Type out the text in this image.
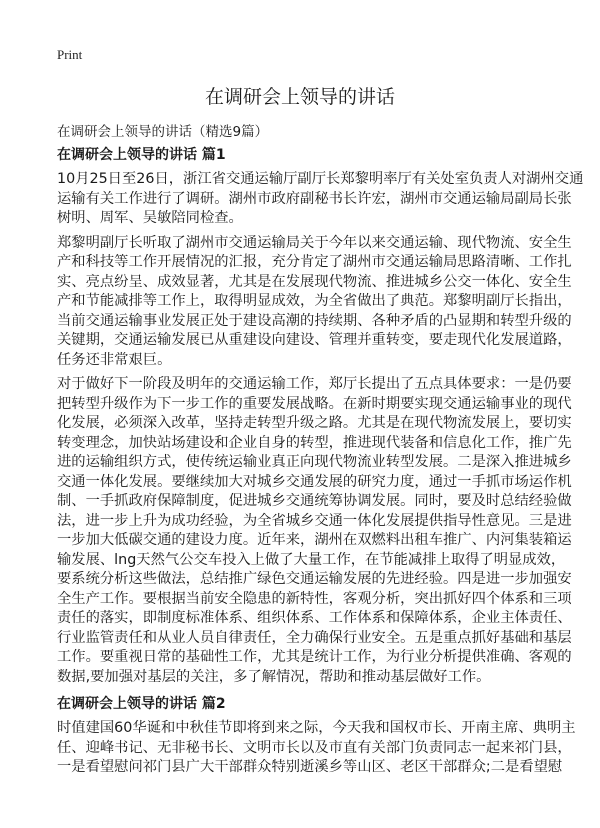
Print
在调研会上领导的讲话
在调研会上领导的讲话（精选9篇）
在调研会上领导的讲话 篇1
10月25日至26日，浙江省交通运输厅副厅长郑黎明率厅有关处室负责人对湖州交通
运输有关工作进行了调研。湖州市政府副秘书长许宏，湖州市交通运输局副局长张
树明、周军、吴敏陪同检查。
郑黎明副厅长听取了湖州市交通运输局关于今年以来交通运输、现代物流、安全生
产和科技等工作开展情况的汇报，充分肯定了湖州市交通运输局思路清晰、工作扎
实、亮点纷呈、成效显著，尤其是在发展现代物流、推进城乡公交一体化、安全生
产和节能减排等工作上，取得明显成效，为全省做出了典范。郑黎明副厅长指出，
当前交通运输事业发展正处于建设高潮的持续期、各种矛盾的凸显期和转型升级的
关键期，交通运输发展已从重建设向建设、管理并重转变，要走现代化发展道路，
任务还非常艰巨。
对于做好下一阶段及明年的交通运输工作，郑厅长提出了五点具体要求：一是仍要
把转型升级作为下一步工作的重要发展战略。在新时期要实现交通运输事业的现代
化发展，必须深入改革，坚持走转型升级之路。尤其是在现代物流发展上，要切实
转变理念，加快站场建设和企业自身的转型，推进现代装备和信息化工作，推广先
进的运输组织方式，使传统运输业真正向现代物流业转型发展。二是深入推进城乡
交通一体化发展。要继续加大对城乡交通发展的研究力度，通过一手抓市场运作机
制、一手抓政府保障制度，促进城乡交通统筹协调发展。同时，要及时总结经验做
法，进一步上升为成功经验，为全省城乡交通一体化发展提供指导性意见。三是进
一步加大低碳交通的建设力度。近年来，湖州在双燃料出租车推广、内河集装箱运
输发展、lng天然气公交车投入上做了大量工作，在节能减排上取得了明显成效，
要系统分析这些做法，总结推广绿色交通运输发展的先进经验。四是进一步加强安
全生产工作。要根据当前安全隐患的新特性，客观分析，突出抓好四个体系和三项
责任的落实，即制度标准体系、组织体系、工作体系和保障体系，企业主体责任、
行业监管责任和从业人员自律责任，全力确保行业安全。五是重点抓好基础和基层
工作。要重视日常的基础性工作，尤其是统计工作，为行业分析提供准确、客观的
数据,要加强对基层的关注，多了解情况，帮助和推动基层做好工作。
在调研会上领导的讲话 篇2
时值建国60华诞和中秋佳节即将到来之际，今天我和国权市长、开南主席、典明主
任、迎峰书记、无非秘书长、文明市长以及市直有关部门负责同志一起来祁门县，
一是看望慰问祁门县广大干部群众特别逝溪乡等山区、老区干部群众;二是看望慰
